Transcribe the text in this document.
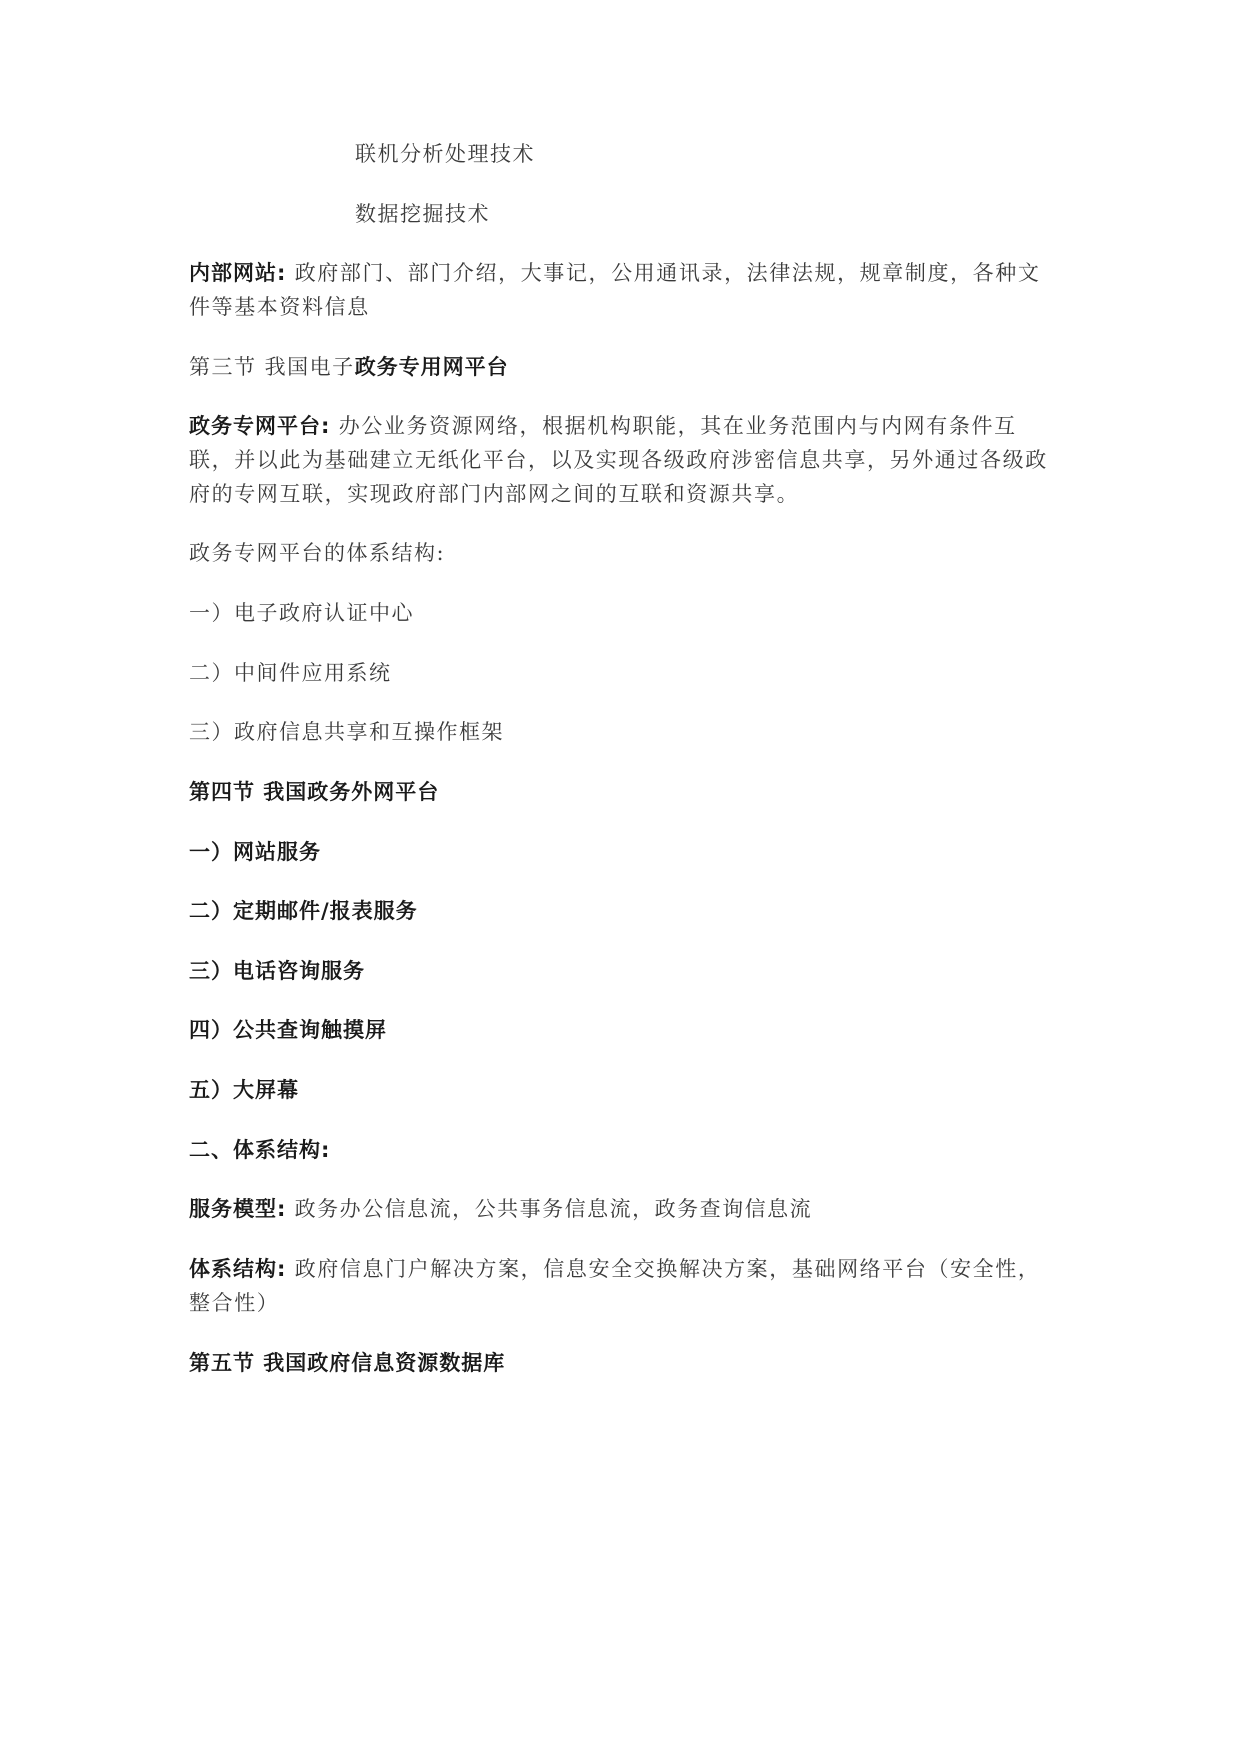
联机分析处理技术
数据挖掘技术
内部网站: 政府部门、部门介绍，大事记，公用通讯录，法律法规，规章制度，各种文件等基本资料信息
第三节 我国电子政务专用网平台
政务专网平台: 办公业务资源网络，根据机构职能，其在业务范围内与内网有条件互联，并以此为基础建立无纸化平台，以及实现各级政府涉密信息共享，另外通过各级政府的专网互联，实现政府部门内部网之间的互联和资源共享。
政务专网平台的体系结构:
一）电子政府认证中心
二）中间件应用系统
三）政府信息共享和互操作框架
第四节 我国政务外网平台
一）网站服务
二）定期邮件/报表服务
三）电话咨询服务
四）公共查询触摸屏
五）大屏幕
二、体系结构:
服务模型: 政务办公信息流，公共事务信息流，政务查询信息流
体系结构: 政府信息门户解决方案，信息安全交换解决方案，基础网络平台（安全性，整合性）
第五节 我国政府信息资源数据库
